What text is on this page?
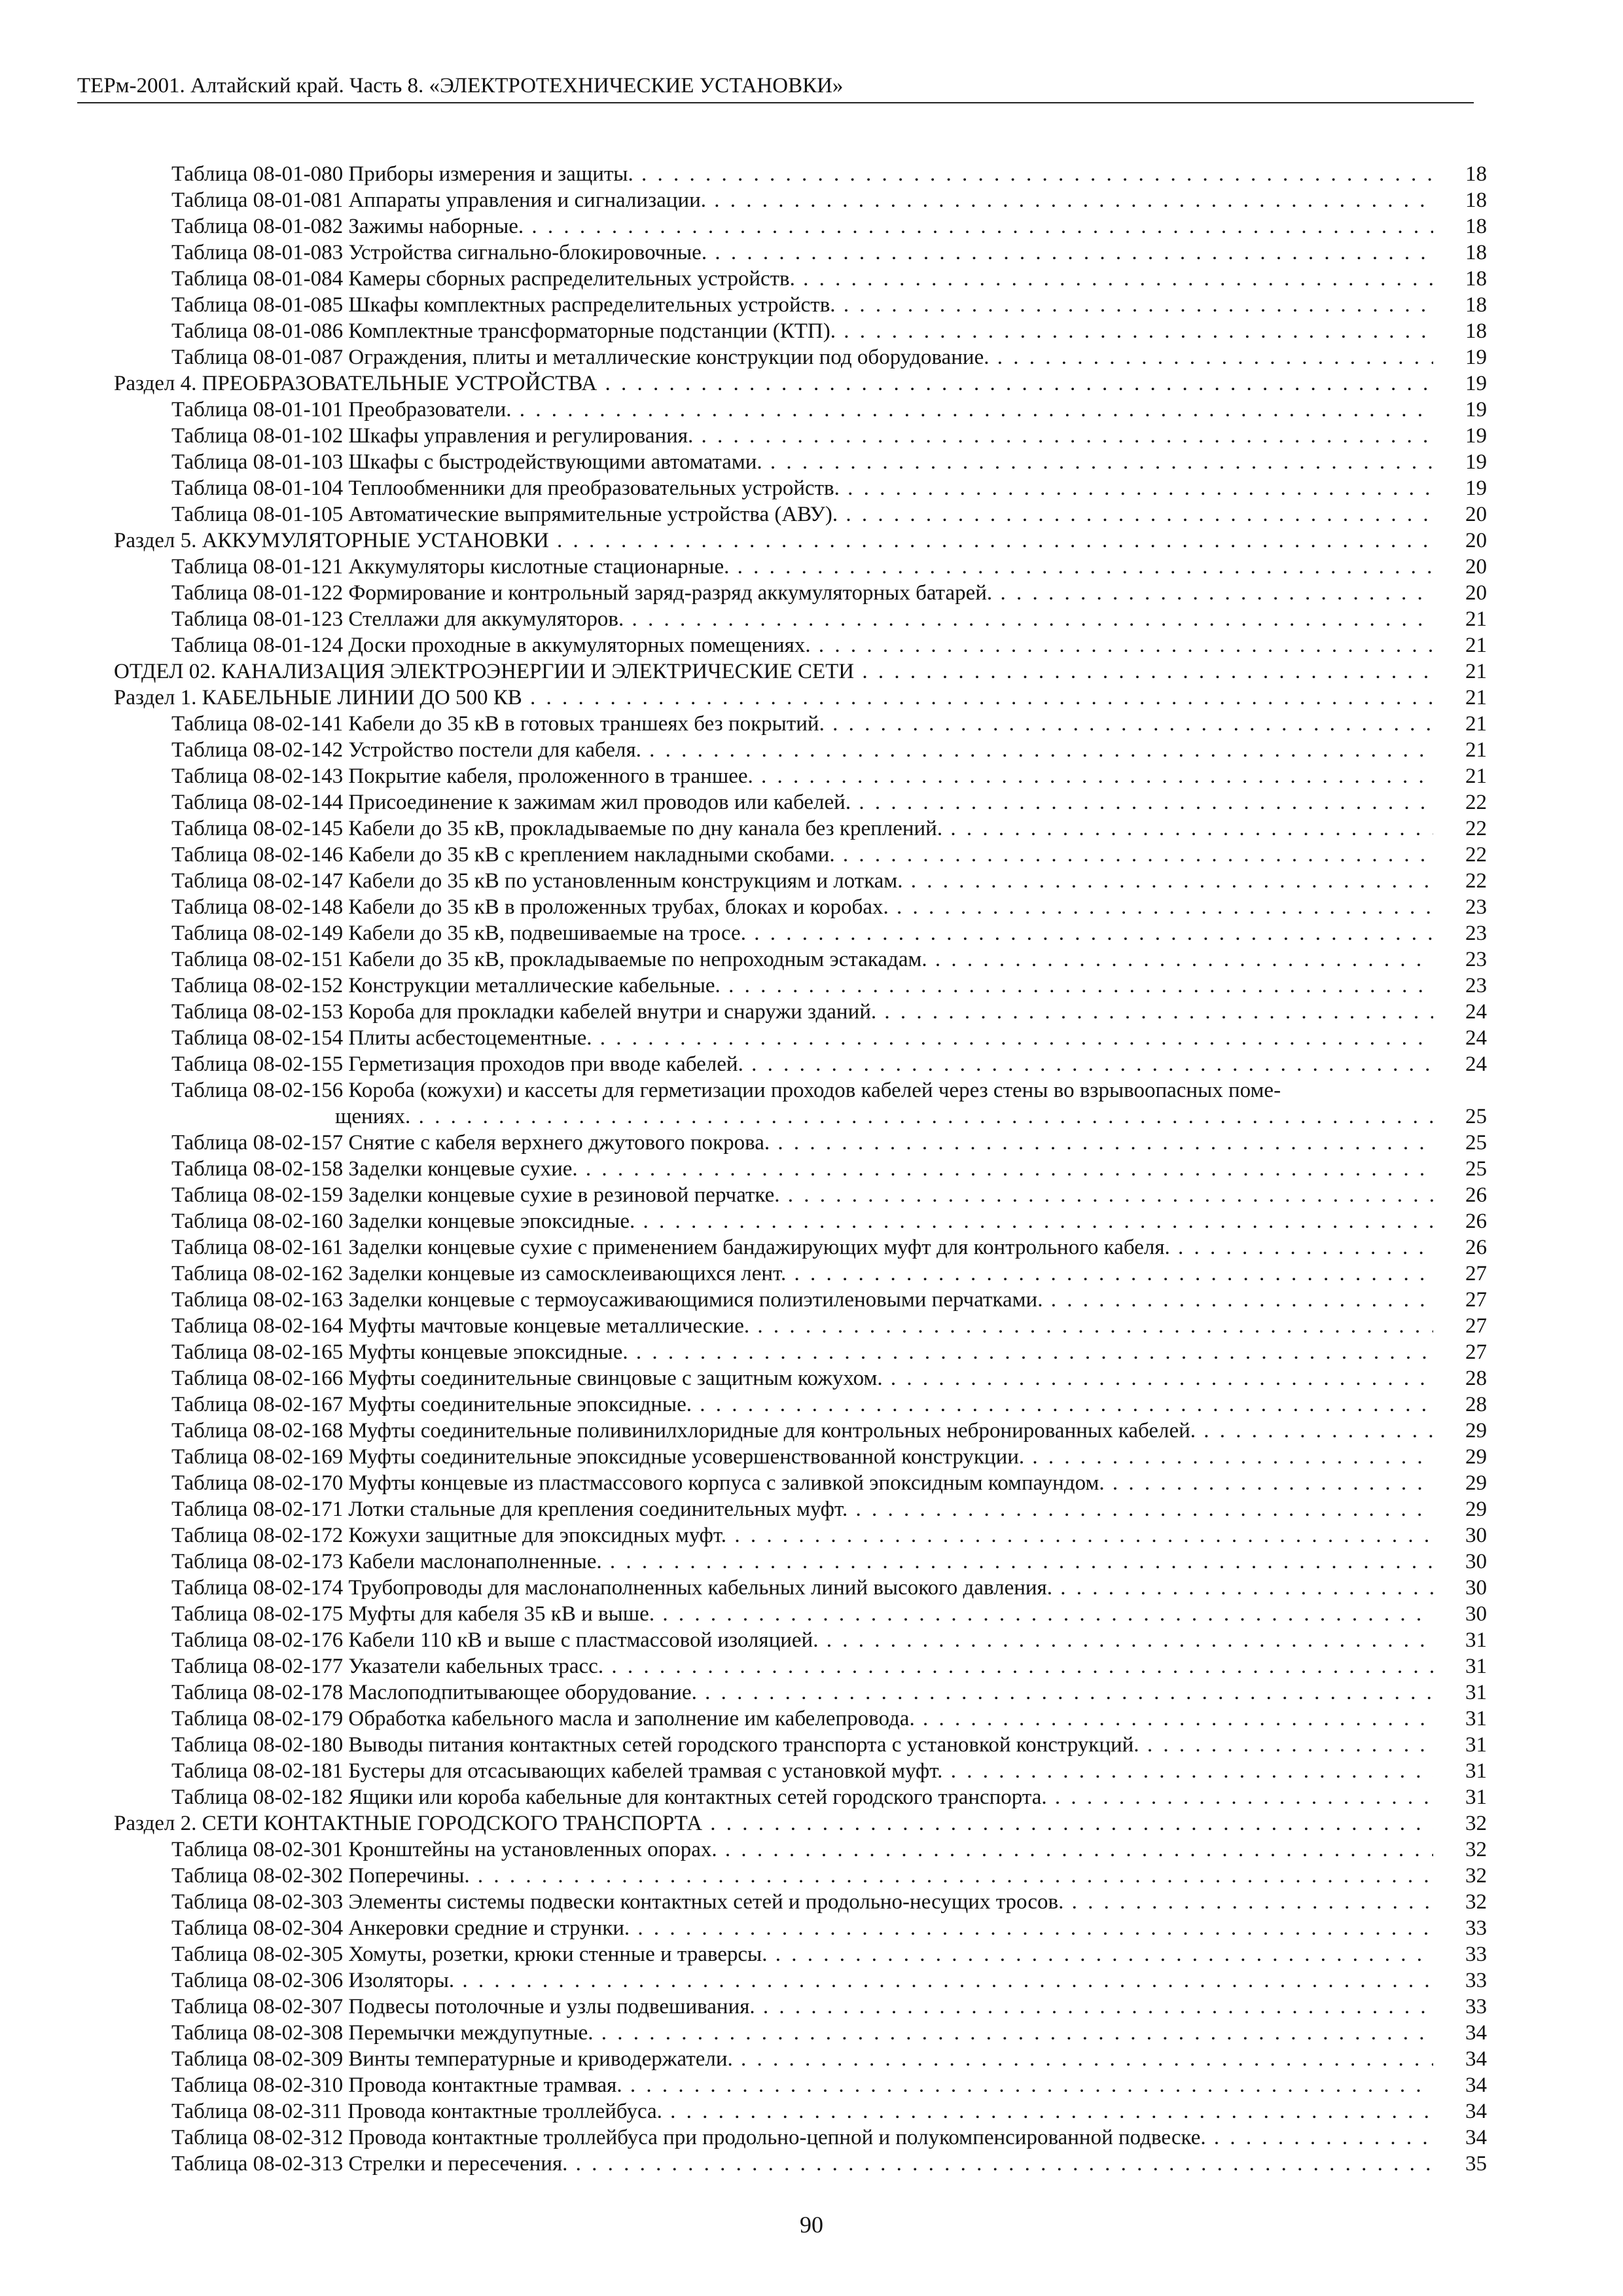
ТЕРм-2001. Алтайский край. Часть 8. «ЭЛЕКТРОТЕХНИЧЕСКИЕ УСТАНОВКИ»
Таблица 08-01-080 Приборы измерения и защиты. . . .	18
Таблица 08-01-081 Аппараты управления и сигнализации. . . .	18
Таблица 08-01-082 Зажимы наборные. . . .	18
Таблица 08-01-083 Устройства сигнально-блокировочные. . . .	18
Таблица 08-01-084 Камеры сборных распределительных устройств. . . .	18
Таблица 08-01-085 Шкафы комплектных распределительных устройств. . . .	18
Таблица 08-01-086 Комплектные трансформаторные подстанции (КТП). . . .	18
Таблица 08-01-087 Ограждения, плиты и металлические конструкции под оборудование. . . .	19
Раздел 4. ПРЕОБРАЗОВАТЕЛЬНЫЕ УСТРОЙСТВА . . .	19
Таблица 08-01-101 Преобразователи. . . .	19
Таблица 08-01-102 Шкафы управления и регулирования. . . .	19
Таблица 08-01-103 Шкафы с быстродействующими автоматами. . . .	19
Таблица 08-01-104 Теплообменники для преобразовательных устройств. . . .	19
Таблица 08-01-105 Автоматические выпрямительные устройства (АВУ). . . .	20
Раздел 5. АККУМУЛЯТОРНЫЕ УСТАНОВКИ . . .	20
Таблица 08-01-121 Аккумуляторы кислотные стационарные. . . .	20
Таблица 08-01-122 Формирование и контрольный заряд-разряд аккумуляторных батарей. . . .	20
Таблица 08-01-123 Стеллажи для аккумуляторов. . . .	21
Таблица 08-01-124 Доски проходные в аккумуляторных помещениях. . . .	21
ОТДЕЛ 02. КАНАЛИЗАЦИЯ ЭЛЕКТРОЭНЕРГИИ И ЭЛЕКТРИЧЕСКИЕ СЕТИ . . .	21
Раздел 1. КАБЕЛЬНЫЕ ЛИНИИ ДО 500 КВ . . .	21
Таблица 08-02-141 Кабели до 35 кВ в готовых траншеях без покрытий. . . .	21
Таблица 08-02-142 Устройство постели для кабеля. . . .	21
Таблица 08-02-143 Покрытие кабеля, проложенного в траншее. . . .	21
Таблица 08-02-144 Присоединение к зажимам жил проводов или кабелей. . . .	22
Таблица 08-02-145 Кабели до 35 кВ, прокладываемые по дну канала без креплений. . . .	22
Таблица 08-02-146 Кабели до 35 кВ с креплением накладными скобами. . . .	22
Таблица 08-02-147 Кабели до 35 кВ по установленным конструкциям и лоткам. . . .	22
Таблица 08-02-148 Кабели до 35 кВ в проложенных трубах, блоках и коробах. . . .	23
Таблица 08-02-149 Кабели до 35 кВ, подвешиваемые на тросе. . . .	23
Таблица 08-02-151 Кабели до 35 кВ, прокладываемые по непроходным эстакадам. . . .	23
Таблица 08-02-152 Конструкции металлические кабельные. . . .	23
Таблица 08-02-153 Короба для прокладки кабелей внутри и снаружи зданий. . . .	24
Таблица 08-02-154 Плиты асбестоцементные. . . .	24
Таблица 08-02-155 Герметизация проходов при вводе кабелей. . . .	24
Таблица 08-02-156 Короба (кожухи) и кассеты для герметизации проходов кабелей через стены во взрывоопасных поме-
щениях. . . .	25
Таблица 08-02-157 Снятие с кабеля верхнего джутового покрова. . . .	25
Таблица 08-02-158 Заделки концевые сухие. . . .	25
Таблица 08-02-159 Заделки концевые сухие в резиновой перчатке. . . .	26
Таблица 08-02-160 Заделки концевые эпоксидные. . . .	26
Таблица 08-02-161 Заделки концевые сухие с применением бандажирующих муфт для контрольного кабеля. . . .	26
Таблица 08-02-162 Заделки концевые из самосклеивающихся лент. . . .	27
Таблица 08-02-163 Заделки концевые с термоусаживающимися полиэтиленовыми перчатками. . . .	27
Таблица 08-02-164 Муфты мачтовые концевые металлические. . . .	27
Таблица 08-02-165 Муфты концевые эпоксидные. . . .	27
Таблица 08-02-166 Муфты соединительные свинцовые с защитным кожухом. . . .	28
Таблица 08-02-167 Муфты соединительные эпоксидные. . . .	28
Таблица 08-02-168 Муфты соединительные поливинилхлоридные для контрольных небронированных кабелей. . . .	29
Таблица 08-02-169 Муфты соединительные эпоксидные усовершенствованной конструкции. . . .	29
Таблица 08-02-170 Муфты концевые из пластмассового корпуса с заливкой эпоксидным компаундом. . . .	29
Таблица 08-02-171 Лотки стальные для крепления соединительных муфт. . . .	29
Таблица 08-02-172 Кожухи защитные для эпоксидных муфт. . . .	30
Таблица 08-02-173 Кабели маслонаполненные. . . .	30
Таблица 08-02-174 Трубопроводы для маслонаполненных кабельных линий высокого давления. . . .	30
Таблица 08-02-175 Муфты для кабеля 35 кВ и выше. . . .	30
Таблица 08-02-176 Кабели 110 кВ и выше с пластмассовой изоляцией. . . .	31
Таблица 08-02-177 Указатели кабельных трасс. . . .	31
Таблица 08-02-178 Маслоподпитывающее оборудование. . . .	31
Таблица 08-02-179 Обработка кабельного масла и заполнение им кабелепровода. . . .	31
Таблица 08-02-180 Выводы питания контактных сетей городского транспорта с установкой конструкций. . . .	31
Таблица 08-02-181 Бустеры для отсасывающих кабелей трамвая с установкой муфт. . . .	31
Таблица 08-02-182 Ящики или короба кабельные для контактных сетей городского транспорта. . . .	31
Раздел 2. СЕТИ КОНТАКТНЫЕ ГОРОДСКОГО ТРАНСПОРТА . . .	32
Таблица 08-02-301 Кронштейны на установленных опорах. . . .	32
Таблица 08-02-302 Поперечины. . . .	32
Таблица 08-02-303 Элементы системы подвески контактных сетей и продольно-несущих тросов. . . .	32
Таблица 08-02-304 Анкеровки средние и струнки. . . .	33
Таблица 08-02-305 Хомуты, розетки, крюки стенные и траверсы. . . .	33
Таблица 08-02-306 Изоляторы. . . .	33
Таблица 08-02-307 Подвесы потолочные и узлы подвешивания. . . .	33
Таблица 08-02-308 Перемычки междупутные. . . .	34
Таблица 08-02-309 Винты температурные и криводержатели. . . .	34
Таблица 08-02-310 Провода контактные трамвая. . . .	34
Таблица 08-02-311 Провода контактные троллейбуса. . . .	34
Таблица 08-02-312 Провода контактные троллейбуса при продольно-цепной и полукомпенсированной подвеске. . . .	34
Таблица 08-02-313 Стрелки и пересечения. . . .	35
90
